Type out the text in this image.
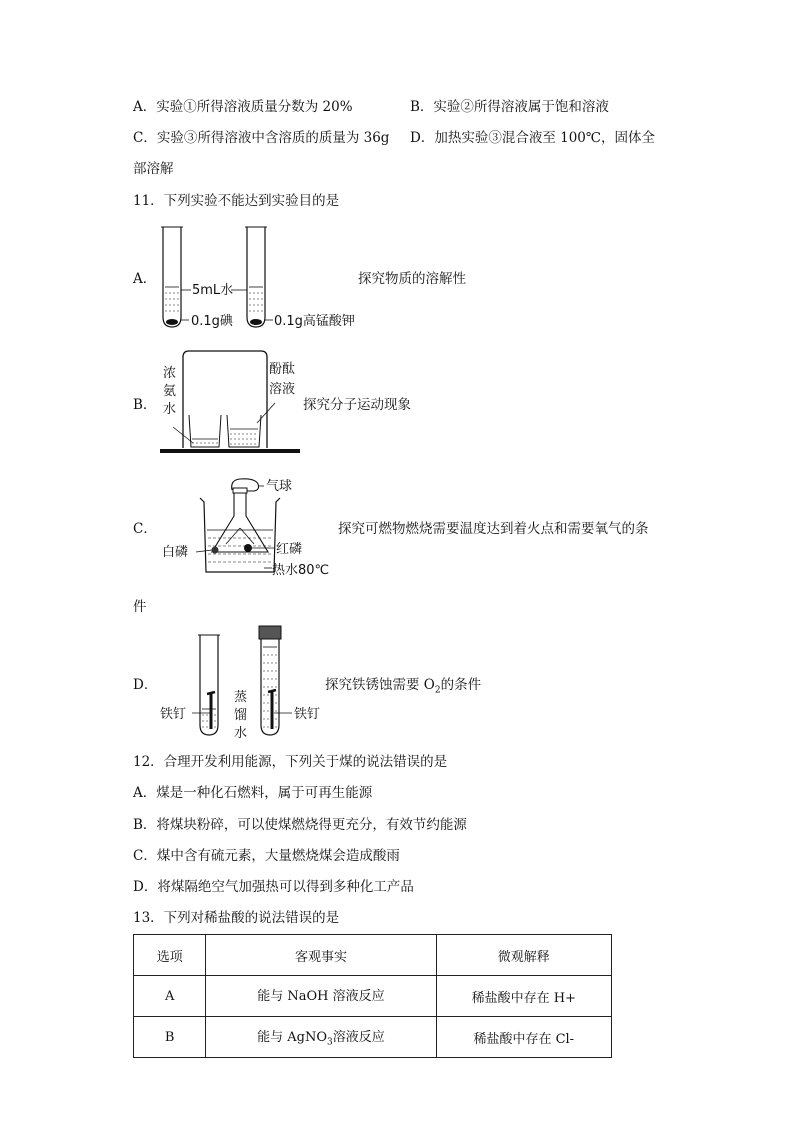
A．实验①所得溶液质量分数为 20%	B．实验②所得溶液属于饱和溶液
C．实验③所得溶液中含溶质的质量为 36g D．加热实验③混合液至 100℃，固体全
部溶解
11．下列实验不能达到实验目的是
A．
5mL水
0.1g碘	0.1g高锰酸钾
探究物质的溶解性
B．
浓
氨
水
酚酞
溶液
探究分子运动现象
C．
气球
白磷	红磷
热水80℃
探究可燃物燃烧需要温度达到着火点和需要氧气的条
件
D．
铁钉	铁钉
蒸
馏
水
探究铁锈蚀需要 $O_2$的条件
12．合理开发利用能源，下列关于煤的说法错误的是
A．煤是一种化石燃料，属于可再生能源
B．将煤块粉碎，可以使煤燃烧得更充分，有效节约能源
C．煤中含有硫元素，大量燃烧煤会造成酸雨
D．将煤隔绝空气加强热可以得到多种化工产品
13．下列对稀盐酸的说法错误的是
选项	客观事实	微观解释
A	能与 NaOH 溶液反应	稀盐酸中存在 H+
B	能与 AgNO$_3$溶液反应	稀盐酸中存在 Cl-
